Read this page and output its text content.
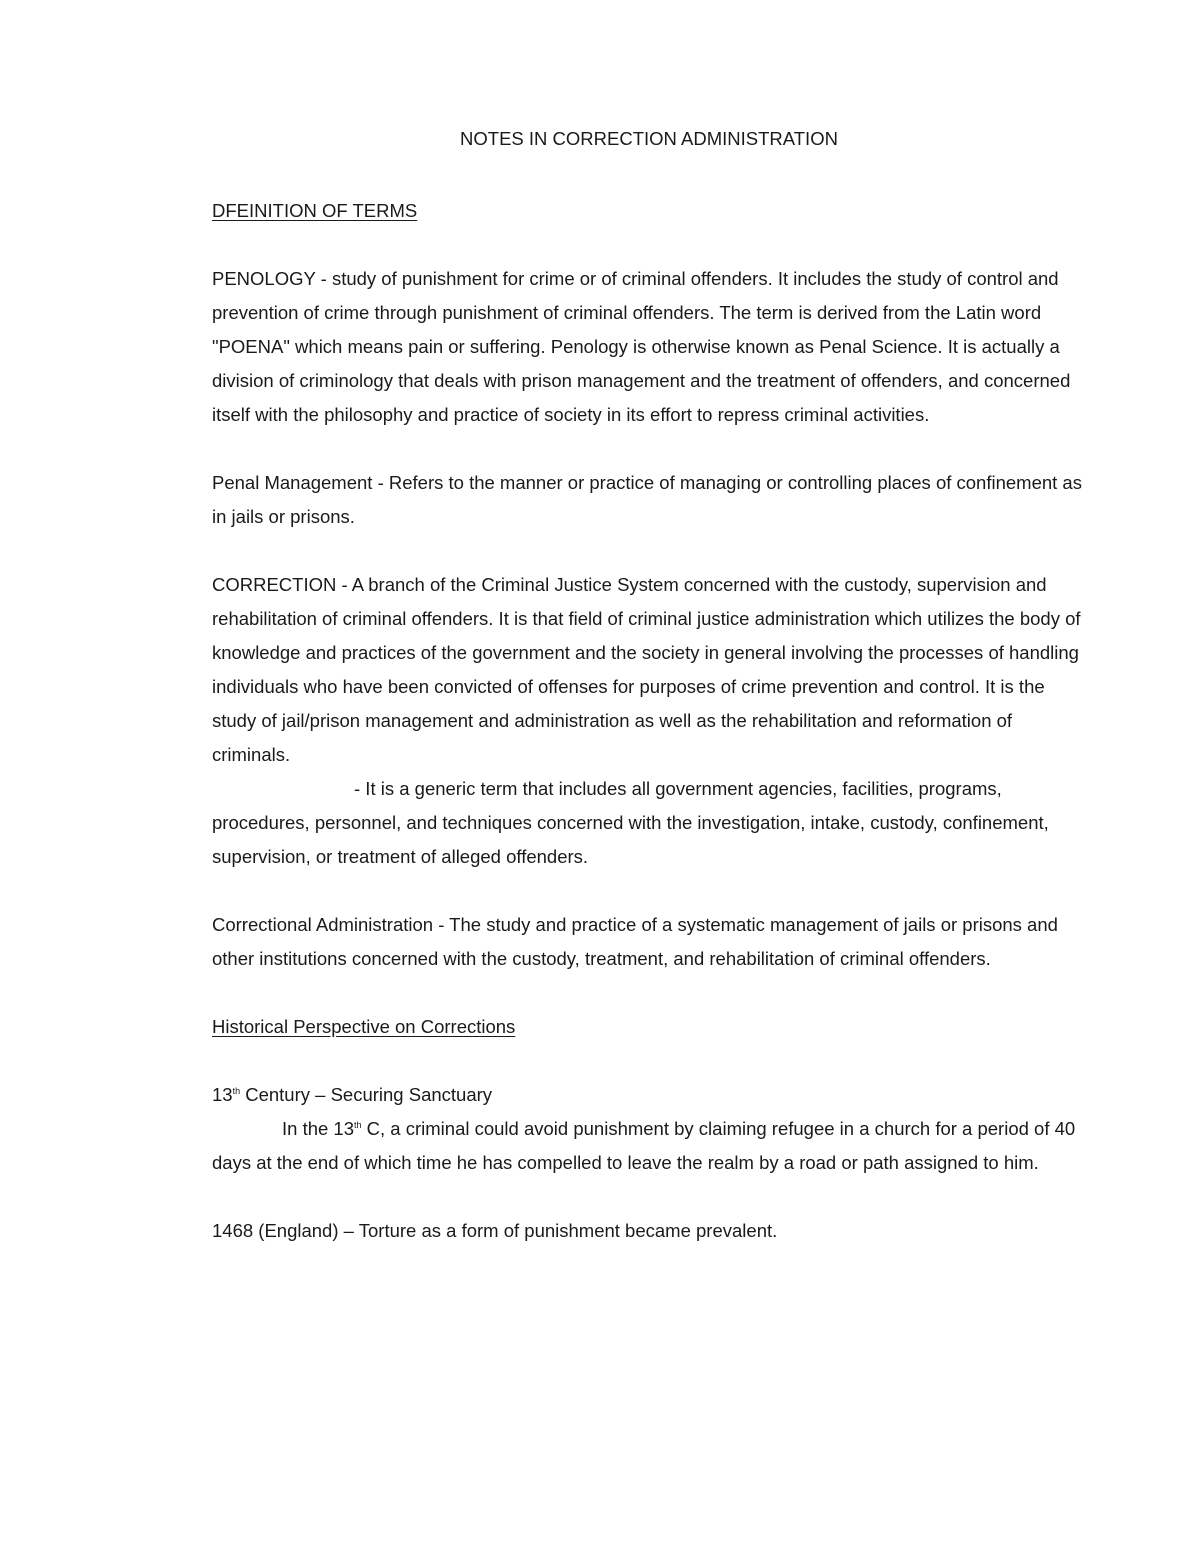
NOTES IN CORRECTION ADMINISTRATION

DFEINITION OF TERMS

PENOLOGY - study of punishment for crime or of criminal offenders. It includes the study of control and prevention of crime through punishment of criminal offenders. The term is derived from the Latin word "POENA" which means pain or suffering. Penology is otherwise known as Penal Science. It is actually a division of criminology that deals with prison management and the treatment of offenders, and concerned itself with the philosophy and practice of society in its effort to repress criminal activities.

Penal Management - Refers to the manner or practice of managing or controlling places of confinement as in jails or prisons.

CORRECTION - A branch of the Criminal Justice System concerned with the custody, supervision and rehabilitation of criminal offenders. It is that field of criminal justice administration which utilizes the body of knowledge and practices of the government and the society in general involving the processes of handling individuals who have been convicted of offenses for purposes of crime prevention and control. It is the study of jail/prison management and administration as well as the rehabilitation and reformation of criminals.

- It is a generic term that includes all government agencies, facilities, programs, procedures, personnel, and techniques concerned with the investigation, intake, custody, confinement, supervision, or treatment of alleged offenders.

Correctional Administration - The study and practice of a systematic management of jails or prisons and other institutions concerned with the custody, treatment, and rehabilitation of criminal offenders.

Historical Perspective on Corrections

13th Century – Securing Sanctuary

In the 13th C, a criminal could avoid punishment by claiming refugee in a church for a period of 40 days at the end of which time he has compelled to leave the realm by a road or path assigned to him.

1468 (England) – Torture as a form of punishment became prevalent.
